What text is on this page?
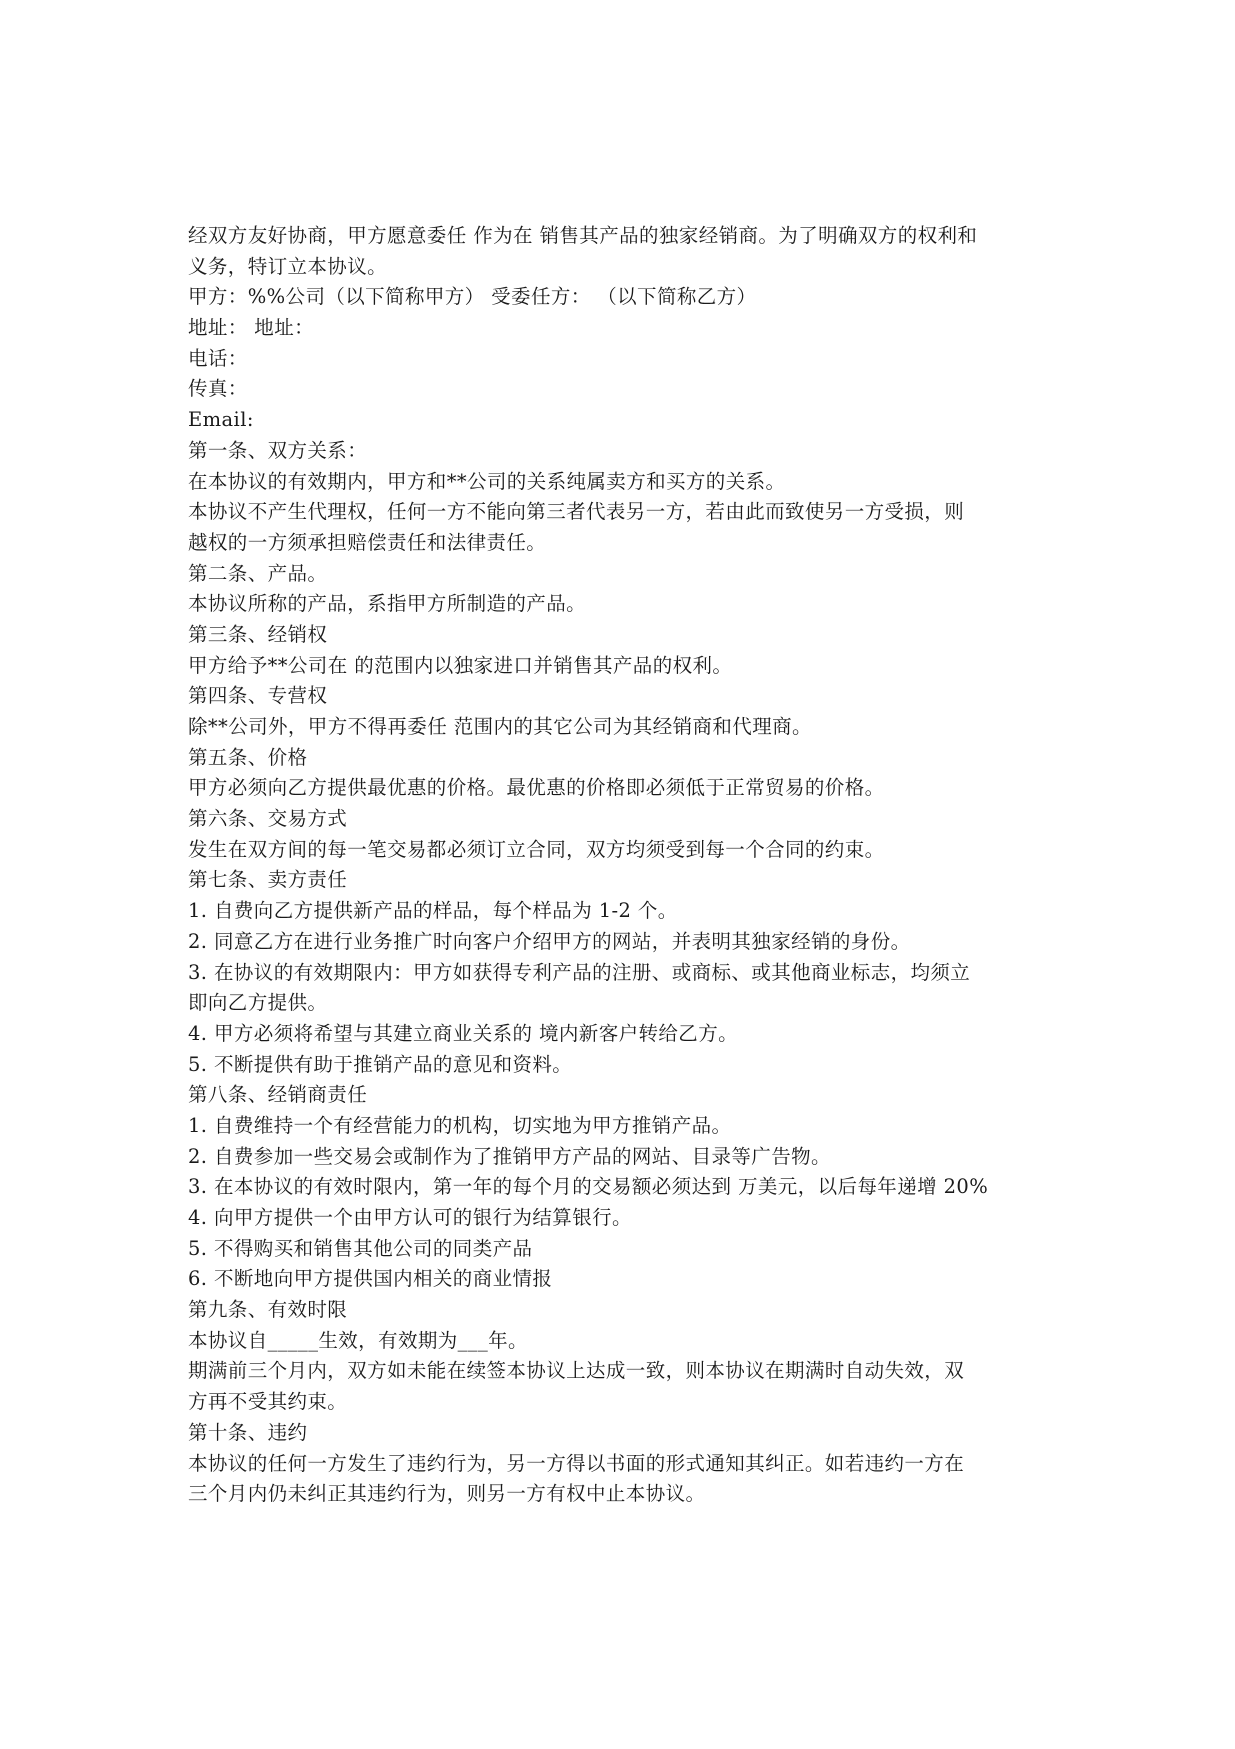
经双方友好协商，甲方愿意委任 作为在 销售其产品的独家经销商。为了明确双方的权利和
义务，特订立本协议。
甲方：%%公司（以下简称甲方） 受委任方： （以下简称乙方）
地址： 地址：
电话：
传真：
Email:
第一条、双方关系：
在本协议的有效期内，甲方和**公司的关系纯属卖方和买方的关系。
本协议不产生代理权，任何一方不能向第三者代表另一方，若由此而致使另一方受损，则
越权的一方须承担赔偿责任和法律责任。
第二条、产品。
本协议所称的产品，系指甲方所制造的产品。
第三条、经销权
甲方给予**公司在 的范围内以独家进口并销售其产品的权利。
第四条、专营权
除**公司外，甲方不得再委任 范围内的其它公司为其经销商和代理商。
第五条、价格
甲方必须向乙方提供最优惠的价格。最优惠的价格即必须低于正常贸易的价格。
第六条、交易方式
发生在双方间的每一笔交易都必须订立合同，双方均须受到每一个合同的约束。
第七条、卖方责任
1. 自费向乙方提供新产品的样品，每个样品为 1-2 个。
2. 同意乙方在进行业务推广时向客户介绍甲方的网站，并表明其独家经销的身份。
3. 在协议的有效期限内：甲方如获得专利产品的注册、或商标、或其他商业标志，均须立
即向乙方提供。
4. 甲方必须将希望与其建立商业关系的 境内新客户转给乙方。
5. 不断提供有助于推销产品的意见和资料。
第八条、经销商责任
1. 自费维持一个有经营能力的机构，切实地为甲方推销产品。
2. 自费参加一些交易会或制作为了推销甲方产品的网站、目录等广告物。
3. 在本协议的有效时限内，第一年的每个月的交易额必须达到 万美元，以后每年递增 20%
4. 向甲方提供一个由甲方认可的银行为结算银行。
5. 不得购买和销售其他公司的同类产品
6. 不断地向甲方提供国内相关的商业情报
第九条、有效时限
本协议自_____生效，有效期为___年。
期满前三个月内，双方如未能在续签本协议上达成一致，则本协议在期满时自动失效，双
方再不受其约束。
第十条、违约
本协议的任何一方发生了违约行为，另一方得以书面的形式通知其纠正。如若违约一方在
三个月内仍未纠正其违约行为，则另一方有权中止本协议。
